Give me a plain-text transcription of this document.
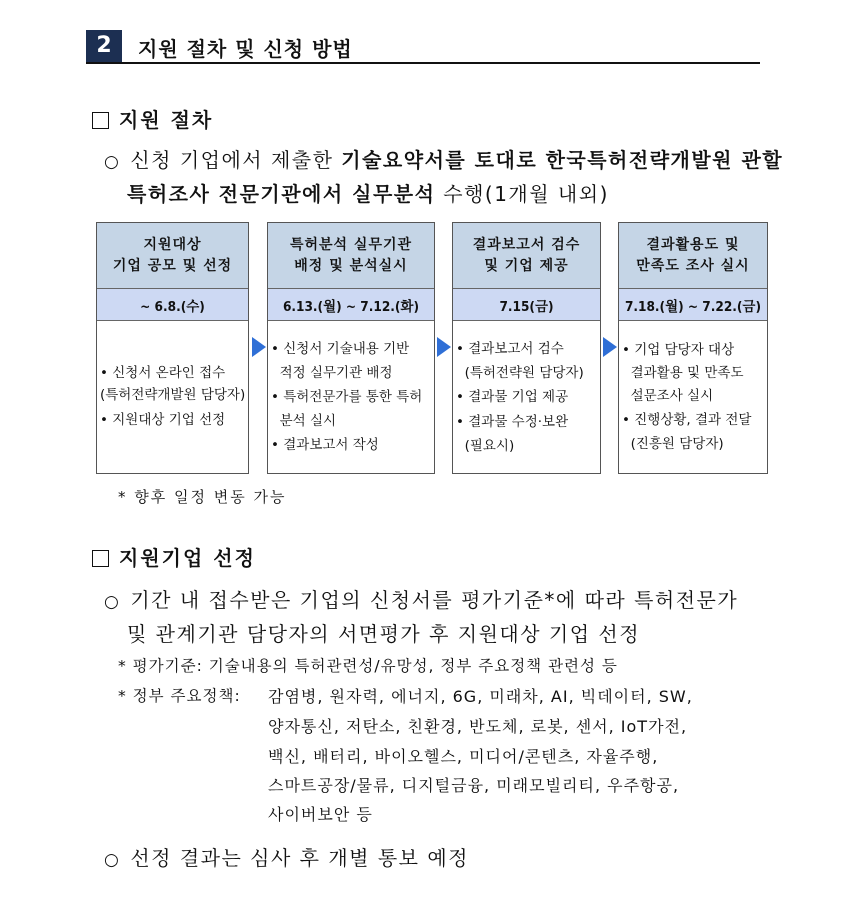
2	지원 절차 및 신청 방법
지원 절차
○ 신청 기업에서 제출한 기술요약서를 토대로 한국특허전략개발원 관할
특허조사 전문기관에서 실무분석 수행(1개월 내외)
지원대상
기업 공모 및 선정
~ 6.8.(수)
• 신청서 온라인 접수
(특허전략개발원 담당자)
• 지원대상 기업 선정
특허분석 실무기관
배정 및 분석실시
6.13.(월) ~ 7.12.(화)
• 신청서 기술내용 기반
적정 실무기관 배정
• 특허전문가를 통한 특허
분석 실시
• 결과보고서 작성
결과보고서 검수
및 기업 제공
7.15(금)
• 결과보고서 검수
(특허전략원 담당자)
• 결과물 기업 제공
• 결과물 수정·보완
(필요시)
결과활용도 및
만족도 조사 실시
7.18.(월) ~ 7.22.(금)
• 기업 담당자 대상
결과활용 및 만족도
설문조사 실시
• 진행상황, 결과 전달
(진흥원 담당자)
* 향후 일정 변동 가능
지원기업 선정
○ 기간 내 접수받은 기업의 신청서를 평가기준*에 따라 특허전문가
및 관계기관 담당자의 서면평가 후 지원대상 기업 선정
* 평가기준: 기술내용의 특허관련성/유망성, 정부 주요정책 관련성 등
* 정부 주요정책: 감염병, 원자력, 에너지, 6G, 미래차, AI, 빅데이터, SW,
양자통신, 저탄소, 친환경, 반도체, 로봇, 센서, IoT가전,
백신, 배터리, 바이오헬스, 미디어/콘텐츠, 자율주행,
스마트공장/물류, 디지털금융, 미래모빌리티, 우주항공,
사이버보안 등
○ 선정 결과는 심사 후 개별 통보 예정
